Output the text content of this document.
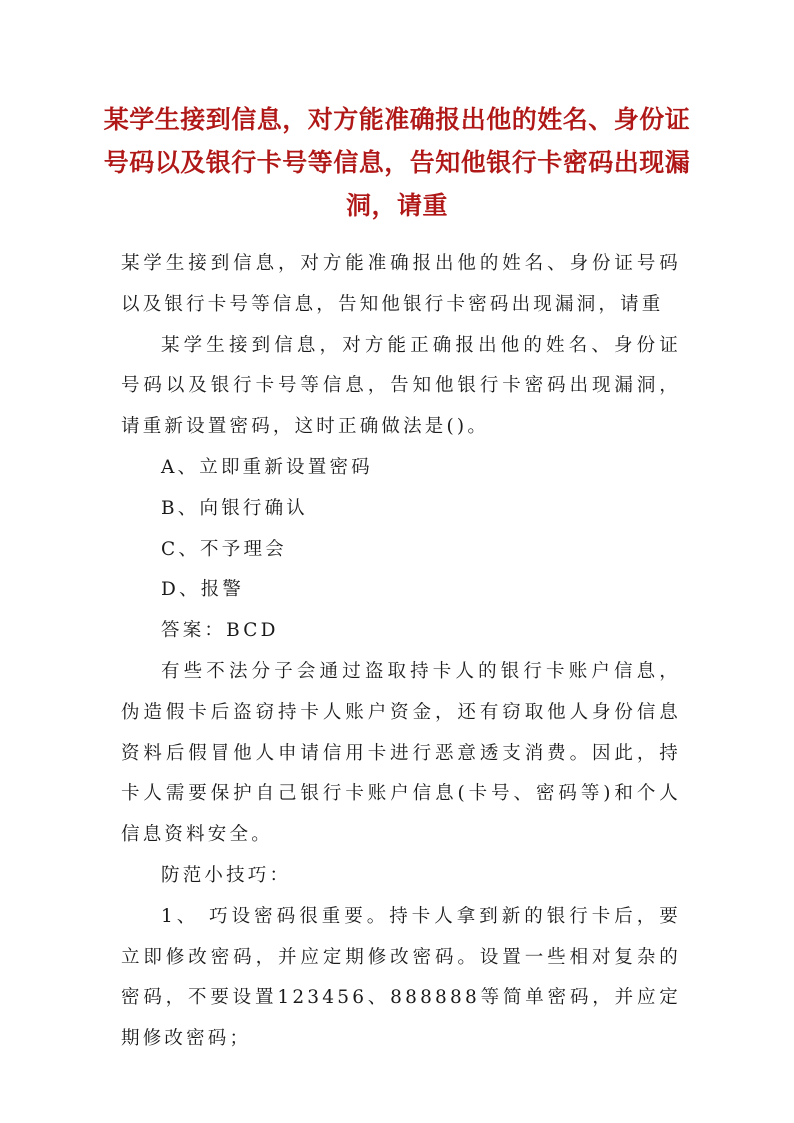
某学生接到信息，对方能准确报出他的姓名、身份证号码以及银行卡号等信息，告知他银行卡密码出现漏洞，请重

某学生接到信息，对方能准确报出他的姓名、身份证号码以及银行卡号等信息，告知他银行卡密码出现漏洞，请重

某学生接到信息，对方能正确报出他的姓名、身份证号码以及银行卡号等信息，告知他银行卡密码出现漏洞，请重新设置密码，这时正确做法是()。

A、立即重新设置密码

B、向银行确认

C、不予理会

D、报警

答案：BCD

有些不法分子会通过盗取持卡人的银行卡账户信息，伪造假卡后盗窃持卡人账户资金，还有窃取他人身份信息资料后假冒他人申请信用卡进行恶意透支消费。因此，持卡人需要保护自己银行卡账户信息(卡号、密码等)和个人信息资料安全。

防范小技巧：

1、 巧设密码很重要。持卡人拿到新的银行卡后，要立即修改密码，并应定期修改密码。设置一些相对复杂的密码，不要设置123456、888888等简单密码，并应定期修改密码；
